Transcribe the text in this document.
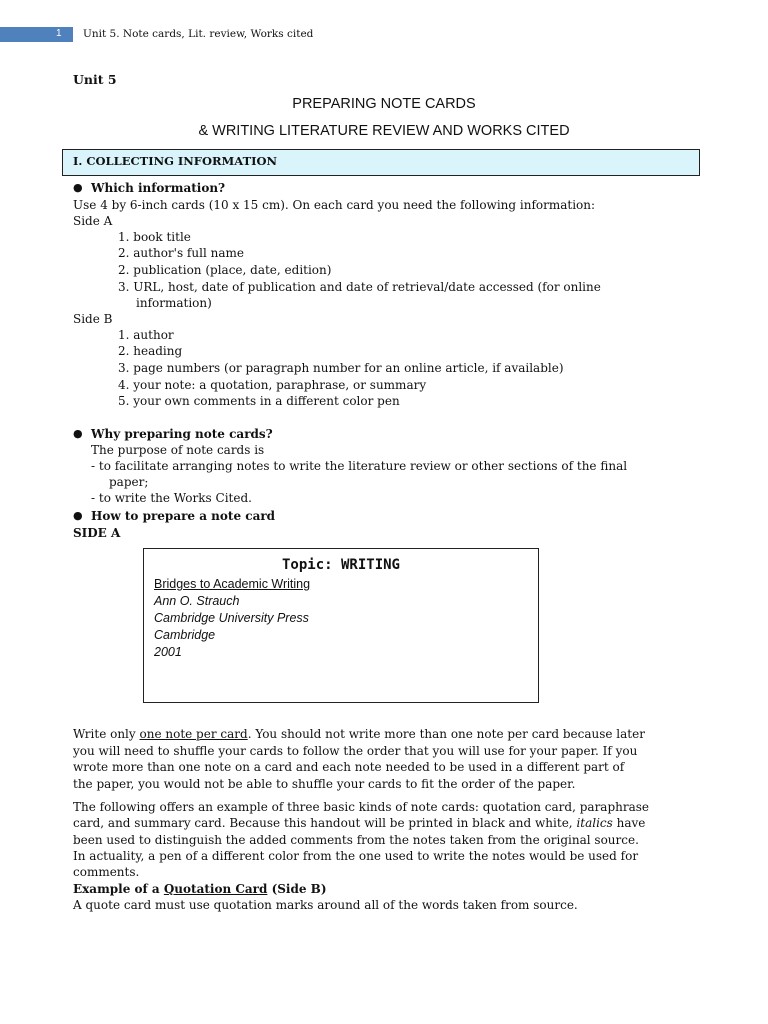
1 Unit 5. Note cards, Lit. review, Works cited
Unit 5
PREPARING NOTE CARDS
& WRITING LITERATURE REVIEW AND WORKS CITED
I. COLLECTING INFORMATION
● Which information?
Use 4 by 6-inch cards (10 x 15 cm). On each card you need the following information:
Side A
1. book title
2. author's full name
2. publication (place, date, edition)
3. URL, host, date of publication and date of retrieval/date accessed (for online
information)
Side B
1. author
2. heading
3. page numbers (or paragraph number for an online article, if available)
4. your note: a quotation, paraphrase, or summary
5. your own comments in a different color pen
● Why preparing note cards?
The purpose of note cards is
- to facilitate arranging notes to write the literature review or other sections of the final
paper;
- to write the Works Cited.
● How to prepare a note card
SIDE A
Topic: WRITING
Bridges to Academic Writing
Ann O. Strauch
Cambridge University Press
Cambridge
2001
Write only one note per card. You should not write more than one note per card because later
you will need to shuffle your cards to follow the order that you will use for your paper. If you
wrote more than one note on a card and each note needed to be used in a different part of
the paper, you would not be able to shuffle your cards to fit the order of the paper.
The following offers an example of three basic kinds of note cards: quotation card, paraphrase
card, and summary card. Because this handout will be printed in black and white, italics have
been used to distinguish the added comments from the notes taken from the original source.
In actuality, a pen of a different color from the one used to write the notes would be used for
comments.
Example of a Quotation Card (Side B)
A quote card must use quotation marks around all of the words taken from source.
